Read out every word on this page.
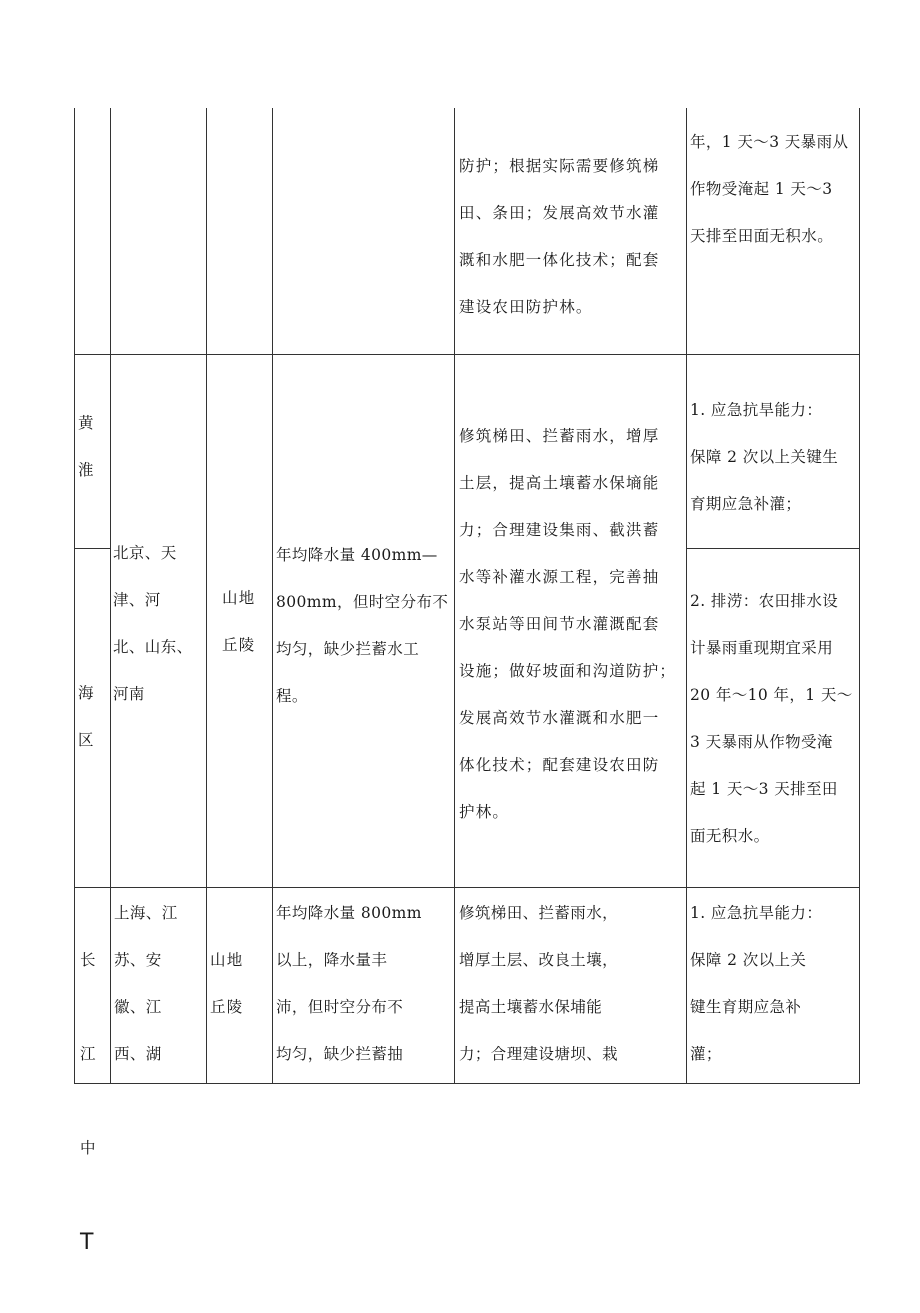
防护；根据实际需要修筑梯
田、条田；发展高效节水灌
溉和水肥一体化技术；配套
建设农田防护林。
年，1 天～3 天暴雨从
作物受淹起 1 天～3
天排至田面无积水。
黄
淮
海
区
北京、天
津、河
北、山东、
河南
山地
丘陵
年均降水量 400mm—
800mm，但时空分布不
均匀，缺少拦蓄水工
程。
修筑梯田、拦蓄雨水，增厚
土层，提高土壤蓄水保墒能
力；合理建设集雨、截洪蓄
水等补灌水源工程，完善抽
水泵站等田间节水灌溉配套
设施；做好坡面和沟道防护；
发展高效节水灌溉和水肥一
体化技术；配套建设农田防
护林。
1. 应急抗旱能力：
保障 2 次以上关键生
育期应急补灌；
2. 排涝：农田排水设
计暴雨重现期宜采用
20 年～10 年，1 天～
3 天暴雨从作物受淹
起 1 天～3 天排至田
面无积水。

长

江

中

T

上海、江
苏、安
徽、江
西、湖
山地
丘陵
年均降水量 800mm
以上，降水量丰
沛，但时空分布不
均匀，缺少拦蓄抽
修筑梯田、拦蓄雨水，
增厚土层、改良土壤，
提高土壤蓄水保埔能
力；合理建设塘坝、栽
1. 应急抗旱能力：
保障 2 次以上关
键生育期应急补
灌；
